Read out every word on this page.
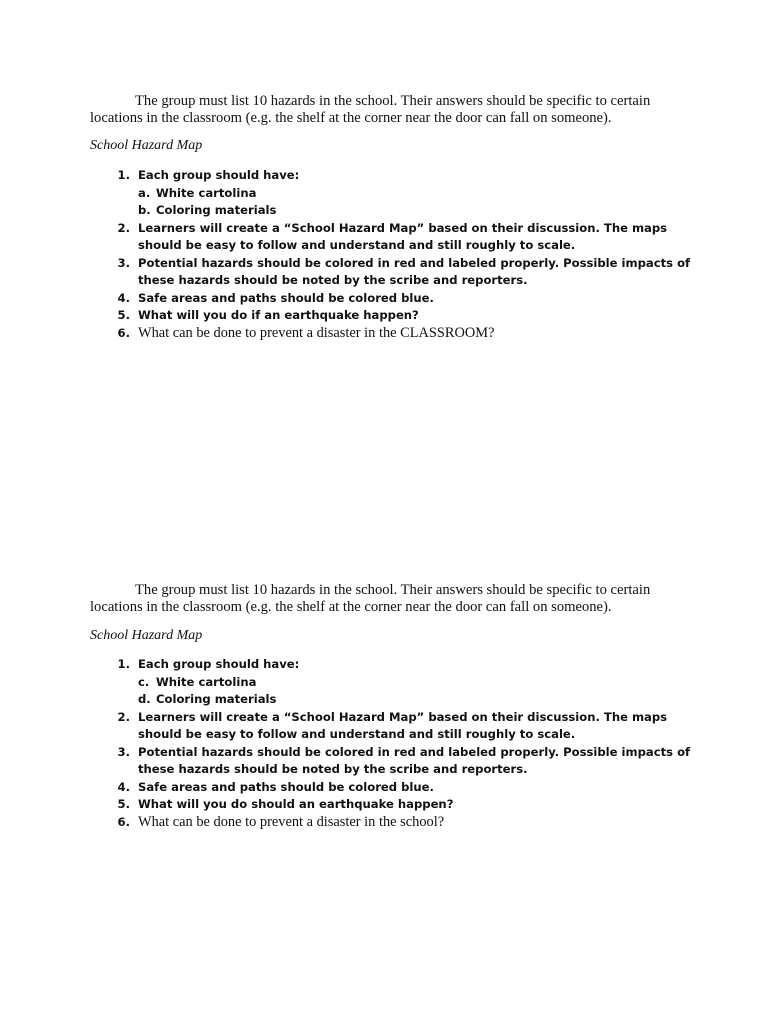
The group must list 10 hazards in the school. Their answers should be specific to certain
locations in the classroom (e.g. the shelf at the corner near the door can fall on someone).
School Hazard Map
1. Each group should have:
a. White cartolina
b. Coloring materials
2. Learners will create a “School Hazard Map” based on their discussion. The maps should be easy to follow and understand and still roughly to scale.
3. Potential hazards should be colored in red and labeled properly. Possible impacts of these hazards should be noted by the scribe and reporters.
4. Safe areas and paths should be colored blue.
5. What will you do if an earthquake happen?
6. What can be done to prevent a disaster in the CLASSROOM?
The group must list 10 hazards in the school. Their answers should be specific to certain
locations in the classroom (e.g. the shelf at the corner near the door can fall on someone).
School Hazard Map
1. Each group should have:
c. White cartolina
d. Coloring materials
2. Learners will create a “School Hazard Map” based on their discussion. The maps should be easy to follow and understand and still roughly to scale.
3. Potential hazards should be colored in red and labeled properly. Possible impacts of these hazards should be noted by the scribe and reporters.
4. Safe areas and paths should be colored blue.
5. What will you do should an earthquake happen?
6. What can be done to prevent a disaster in the school?
